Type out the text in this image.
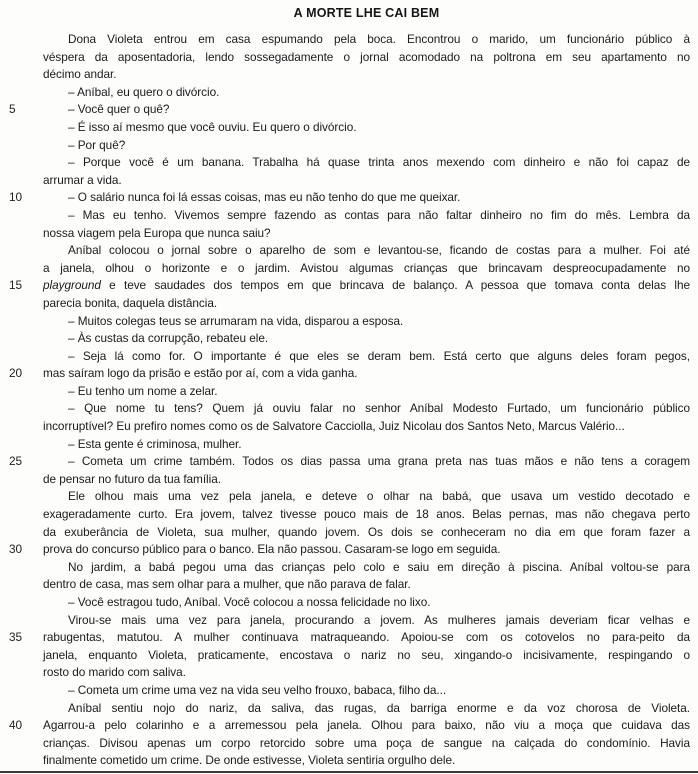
A MORTE LHE CAI BEM
Dona Violeta entrou em casa espumando pela boca. Encontrou o marido, um funcionário público à
véspera da aposentadoria, lendo sossegadamente o jornal acomodado na poltrona em seu apartamento no
décimo andar.
– Aníbal, eu quero o divórcio.
5	– Você quer o quê?
– É isso aí mesmo que você ouviu. Eu quero o divórcio.
– Por quê?
– Porque você é um banana. Trabalha há quase trinta anos mexendo com dinheiro e não foi capaz de
arrumar a vida.
10	– O salário nunca foi lá essas coisas, mas eu não tenho do que me queixar.
– Mas eu tenho. Vivemos sempre fazendo as contas para não faltar dinheiro no fim do mês. Lembra da
nossa viagem pela Europa que nunca saiu?
Aníbal colocou o jornal sobre o aparelho de som e levantou-se, ficando de costas para a mulher. Foi até
a janela, olhou o horizonte e o jardim. Avistou algumas crianças que brincavam despreocupadamente no
15	playground e teve saudades dos tempos em que brincava de balanço. A pessoa que tomava conta delas lhe
parecia bonita, daquela distância.
– Muitos colegas teus se arrumaram na vida, disparou a esposa.
– Às custas da corrupção, rebateu ele.
– Seja lá como for. O importante é que eles se deram bem. Está certo que alguns deles foram pegos,
20	mas saíram logo da prisão e estão por aí, com a vida ganha.
– Eu tenho um nome a zelar.
– Que nome tu tens? Quem já ouviu falar no senhor Aníbal Modesto Furtado, um funcionário público
incorruptível? Eu prefiro nomes como os de Salvatore Cacciolla, Juiz Nicolau dos Santos Neto, Marcus Valério...
– Esta gente é criminosa, mulher.
25	– Cometa um crime também. Todos os dias passa uma grana preta nas tuas mãos e não tens a coragem
de pensar no futuro da tua família.
Ele olhou mais uma vez pela janela, e deteve o olhar na babá, que usava um vestido decotado e
exageradamente curto. Era jovem, talvez tivesse pouco mais de 18 anos. Belas pernas, mas não chegava perto
da exuberância de Violeta, sua mulher, quando jovem. Os dois se conheceram no dia em que foram fazer a
30	prova do concurso público para o banco. Ela não passou. Casaram-se logo em seguida.
No jardim, a babá pegou uma das crianças pelo colo e saiu em direção à piscina. Aníbal voltou-se para
dentro de casa, mas sem olhar para a mulher, que não parava de falar.
– Você estragou tudo, Aníbal. Você colocou a nossa felicidade no lixo.
Virou-se mais uma vez para janela, procurando a jovem. As mulheres jamais deveriam ficar velhas e
35	rabugentas, matutou. A mulher continuava matraqueando. Apoiou-se com os cotovelos no para-peito da
janela, enquanto Violeta, praticamente, encostava o nariz no seu, xingando-o incisivamente, respingando o
rosto do marido com saliva.
– Cometa um crime uma vez na vida seu velho frouxo, babaca, filho da...
Aníbal sentiu nojo do nariz, da saliva, das rugas, da barriga enorme e da voz chorosa de Violeta.
40	Agarrou-a pelo colarinho e a arremessou pela janela. Olhou para baixo, não viu a moça que cuidava das
crianças. Divisou apenas um corpo retorcido sobre uma poça de sangue na calçada do condomínio. Havia
finalmente cometido um crime. De onde estivesse, Violeta sentiria orgulho dele.
